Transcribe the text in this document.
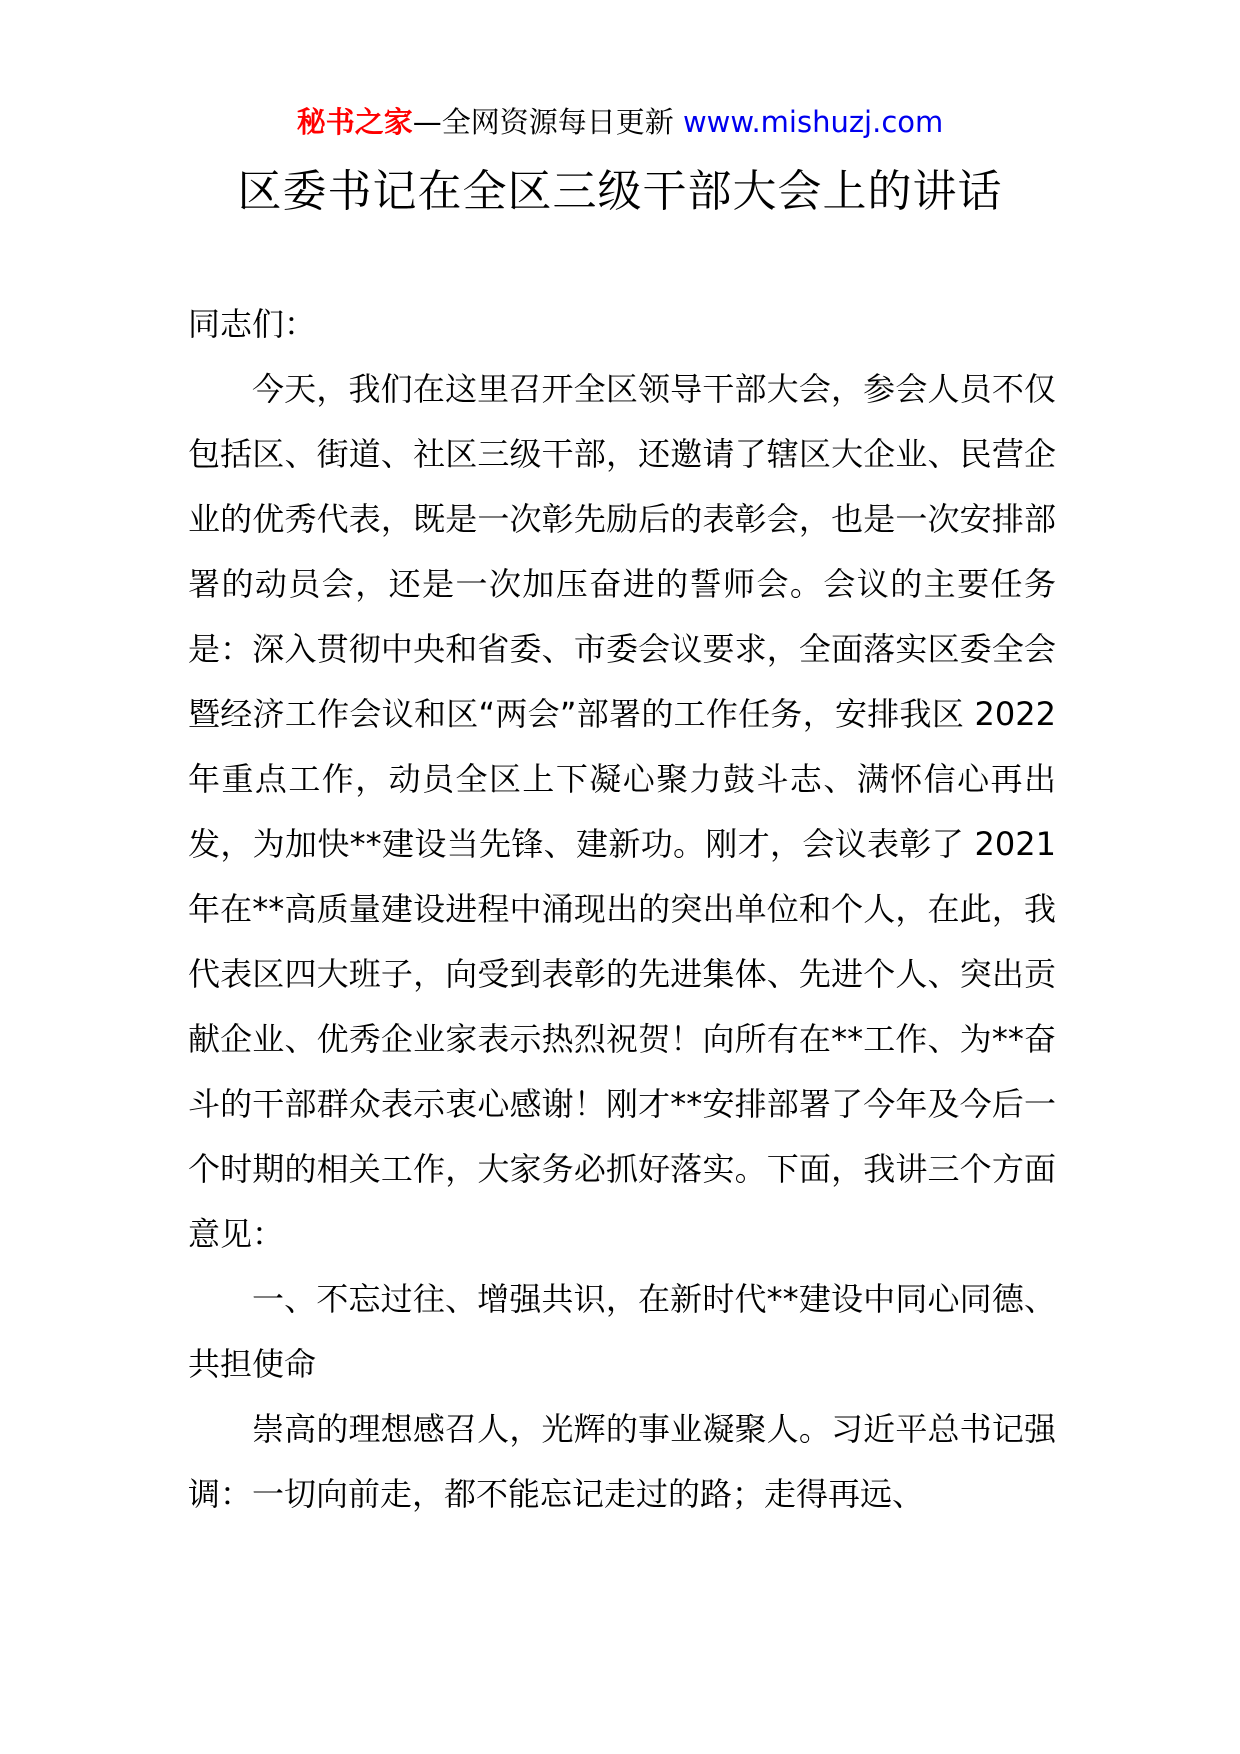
秘书之家—全网资源每日更新 www.mishuzj.com
区委书记在全区三级干部大会上的讲话

同志们：

今天，我们在这里召开全区领导干部大会，参会人员不仅包括区、街道、社区三级干部，还邀请了辖区大企业、民营企业的优秀代表，既是一次彰先励后的表彰会，也是一次安排部署的动员会，还是一次加压奋进的誓师会。会议的主要任务是：深入贯彻中央和省委、市委会议要求，全面落实区委全会暨经济工作会议和区“两会”部署的工作任务，安排我区 2022 年重点工作，动员全区上下凝心聚力鼓斗志、满怀信心再出发，为加快**建设当先锋、建新功。刚才，会议表彰了 2021 年在**高质量建设进程中涌现出的突出单位和个人，在此，我代表区四大班子，向受到表彰的先进集体、先进个人、突出贡献企业、优秀企业家表示热烈祝贺！向所有在**工作、为**奋斗的干部群众表示衷心感谢！刚才**安排部署了今年及今后一个时期的相关工作，大家务必抓好落实。下面，我讲三个方面意见：

一、不忘过往、增强共识，在新时代**建设中同心同德、共担使命

崇高的理想感召人，光辉的事业凝聚人。习近平总书记强调：一切向前走，都不能忘记走过的路；走得再远、
